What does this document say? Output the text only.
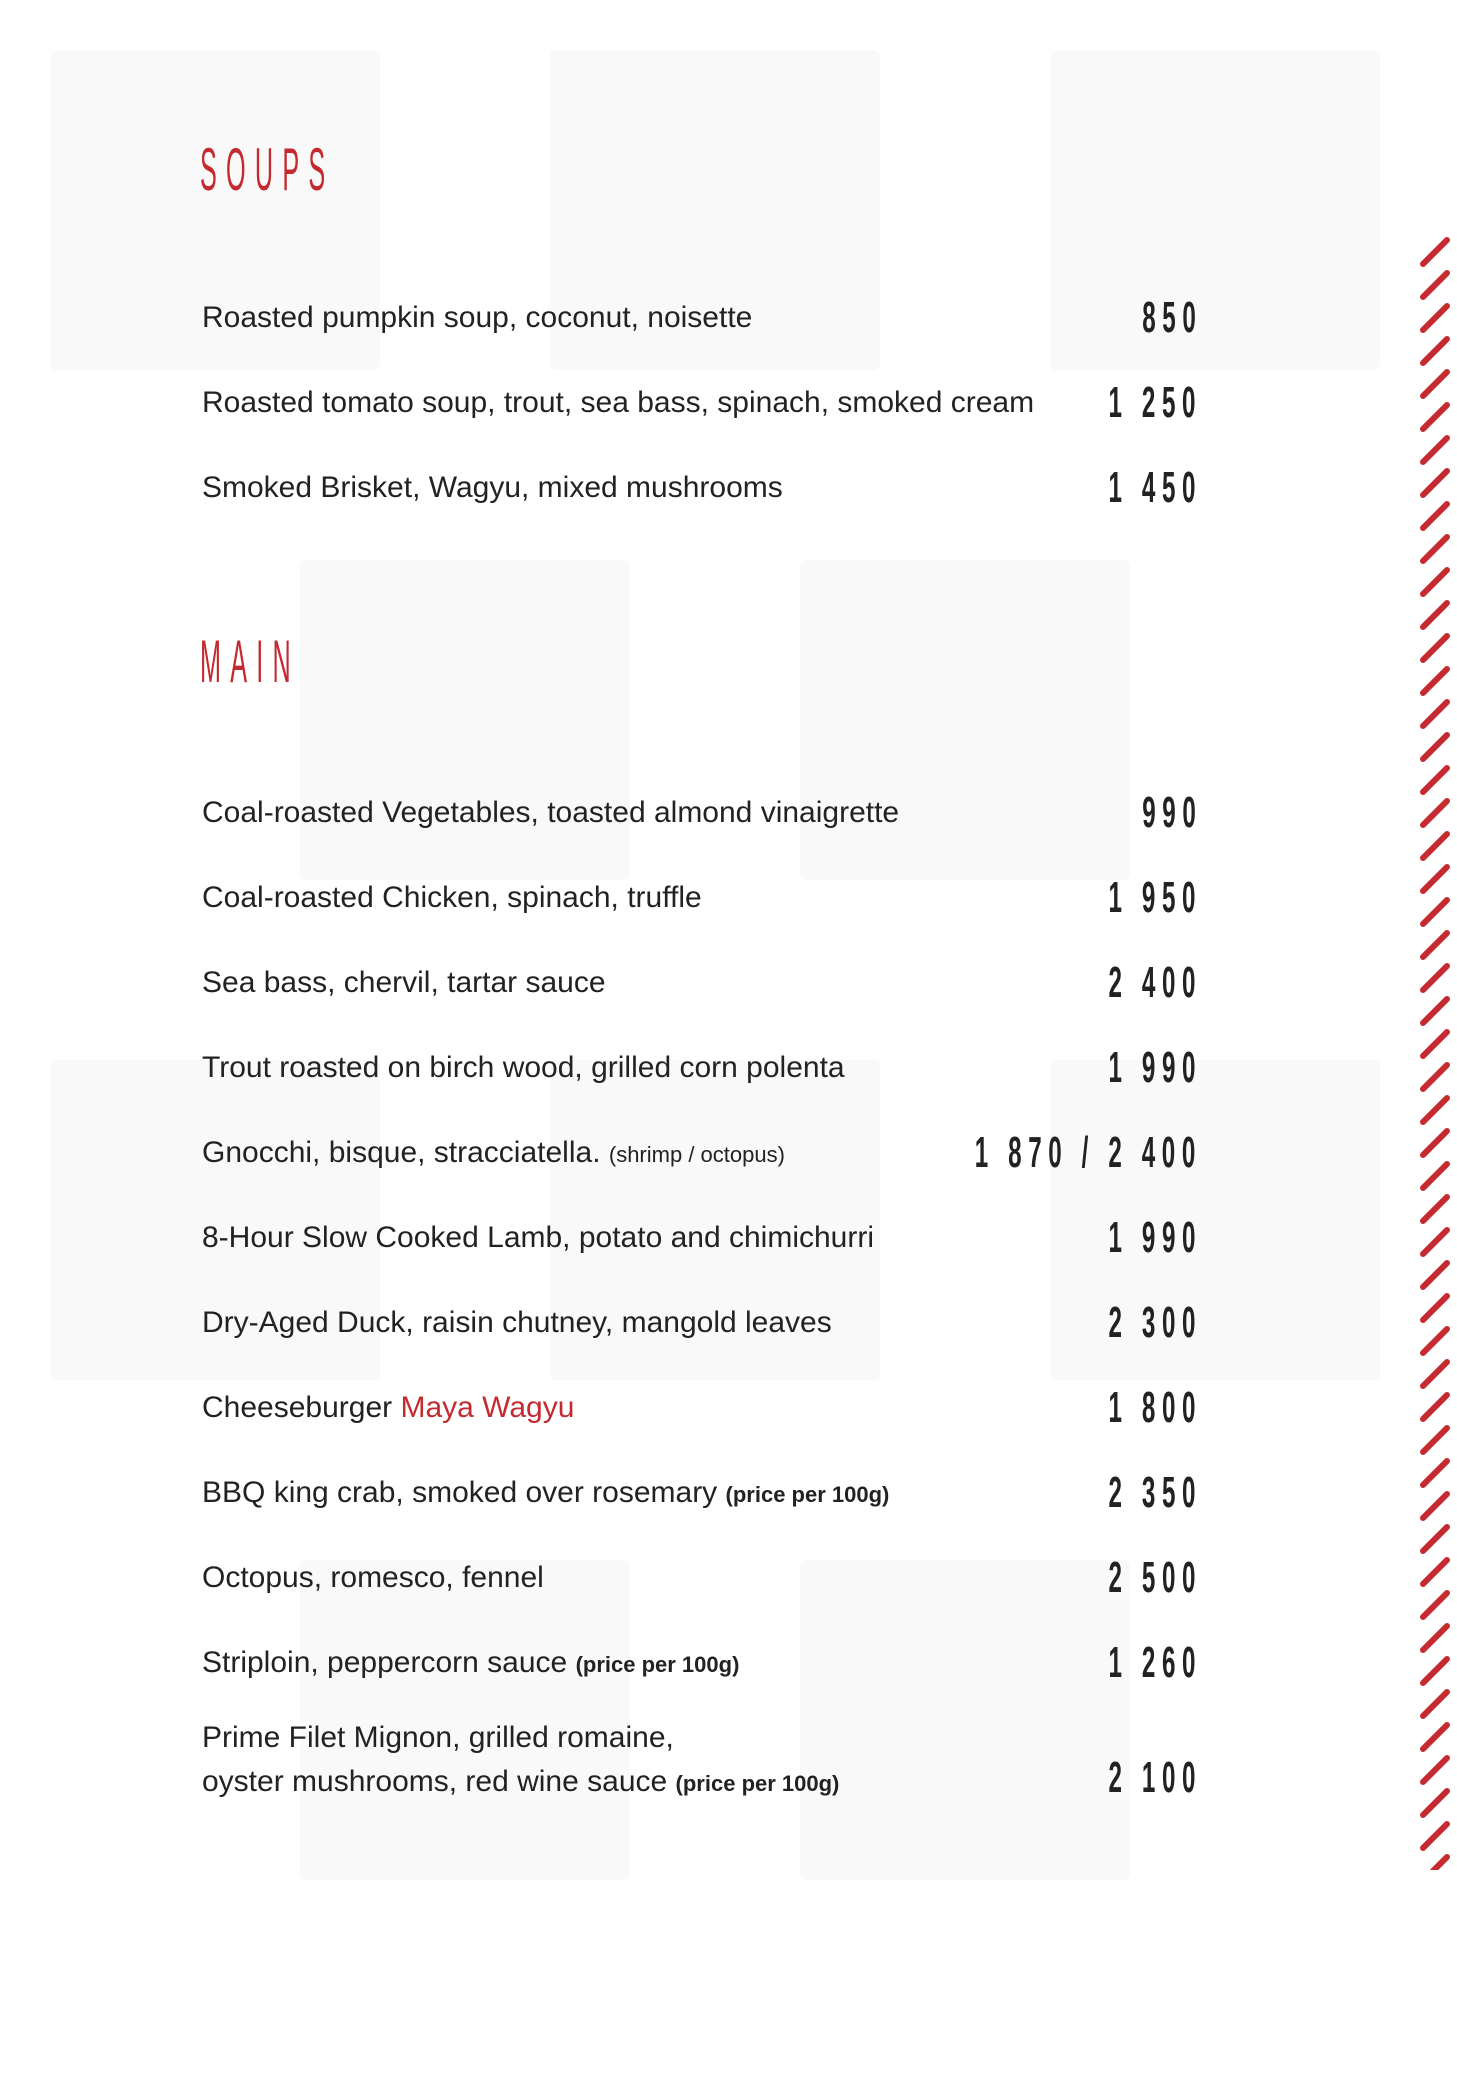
SOUPS
Roasted pumpkin soup, coconut, noisette	850
Roasted tomato soup, trout, sea bass, spinach, smoked cream 1 250
Smoked Brisket, Wagyu, mixed mushrooms	1 450
MAIN
Coal-roasted Vegetables, toasted almond vinaigrette	990
Coal-roasted Chicken, spinach, truffle	1 950
Sea bass, chervil, tartar sauce	2 400
Trout roasted on birch wood, grilled corn polenta	1 990
Gnocchi, bisque, stracciatella. (shrimp / octopus)	1 870 / 2 400
8-Hour Slow Cooked Lamb, potato and chimichurri	1 990
Dry-Aged Duck, raisin chutney, mangold leaves	2 300
Cheeseburger Maya Wagyu	1 800
BBQ king crab, smoked over rosemary (price per 100g)	2 350
Octopus, romesco, fennel	2 500
Striploin, peppercorn sauce (price per 100g)	1 260
Prime Filet Mignon, grilled romaine,
oyster mushrooms, red wine sauce (price per 100g)	2 100
